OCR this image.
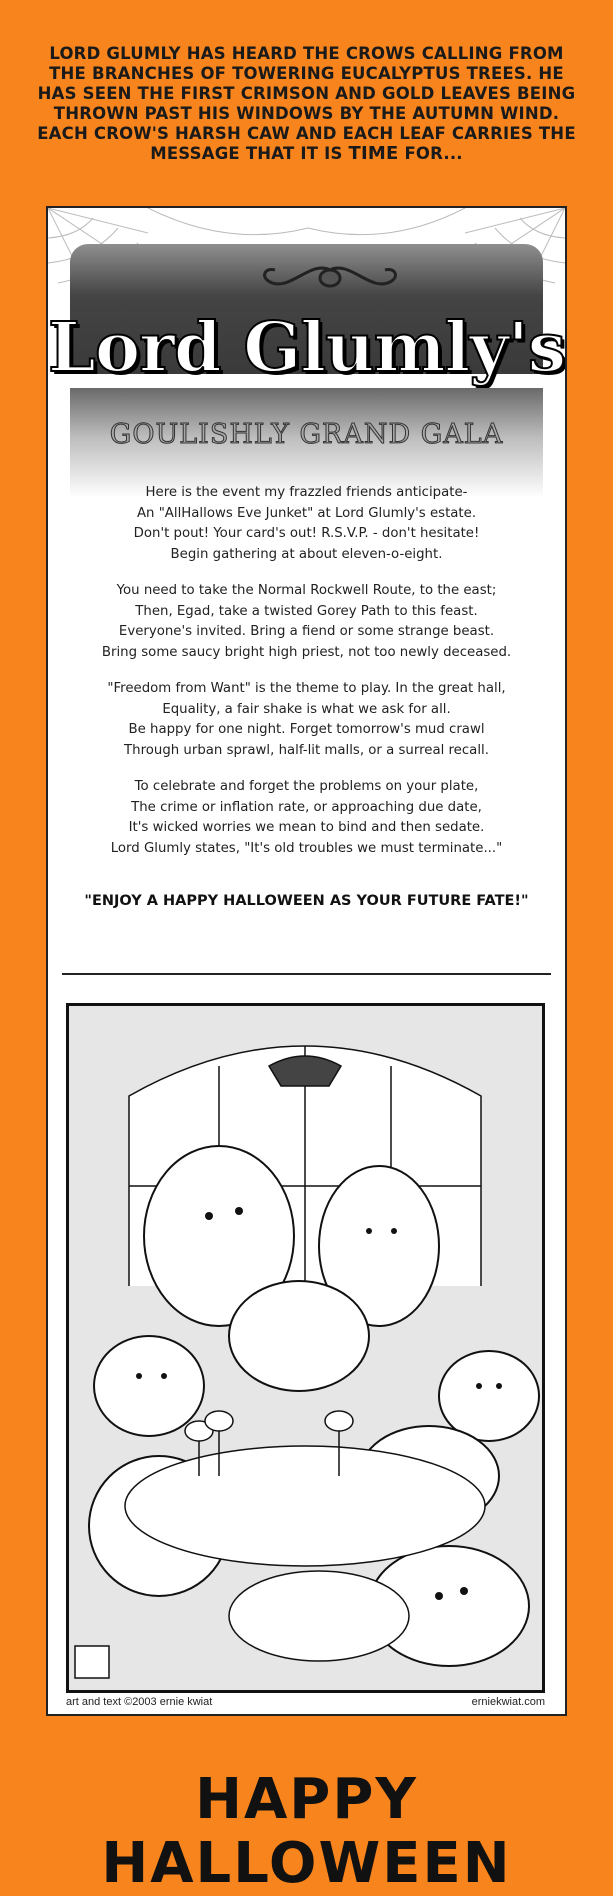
LORD GLUMLY HAS HEARD THE CROWS CALLING FROM THE BRANCHES OF TOWERING EUCALYPTUS TREES. HE HAS SEEN THE FIRST CRIMSON AND GOLD LEAVES BEING THROWN PAST HIS WINDOWS BY THE AUTUMN WIND. EACH CROW'S HARSH CAW AND EACH LEAF CARRIES THE MESSAGE THAT IT IS TIME FOR...
Lord Glumly's
GOULISHLY GRAND GALA
Here is the event my frazzled friends anticipate-
An "AllHallows Eve Junket" at Lord Glumly's estate.
Don't pout! Your card's out! R.S.V.P. - don't hesitate!
Begin gathering at about eleven-o-eight.
You need to take the Normal Rockwell Route, to the east;
Then, Egad, take a twisted Gorey Path to this feast.
Everyone's invited. Bring a fiend or some strange beast.
Bring some saucy bright high priest, not too newly deceased.
"Freedom from Want" is the theme to play. In the great hall,
Equality, a fair shake is what we ask for all.
Be happy for one night. Forget tomorrow's mud crawl
Through urban sprawl, half-lit malls, or a surreal recall.
To celebrate and forget the problems on your plate,
The crime or inflation rate, or approaching due date,
It's wicked worries we mean to bind and then sedate.
Lord Glumly states, "It's old troubles we must terminate..."
"ENJOY A HAPPY HALLOWEEN AS YOUR FUTURE FATE!"
art and text ©2003 ernie kwiat	erniekwiat.com
HAPPY HALLOWEEN
